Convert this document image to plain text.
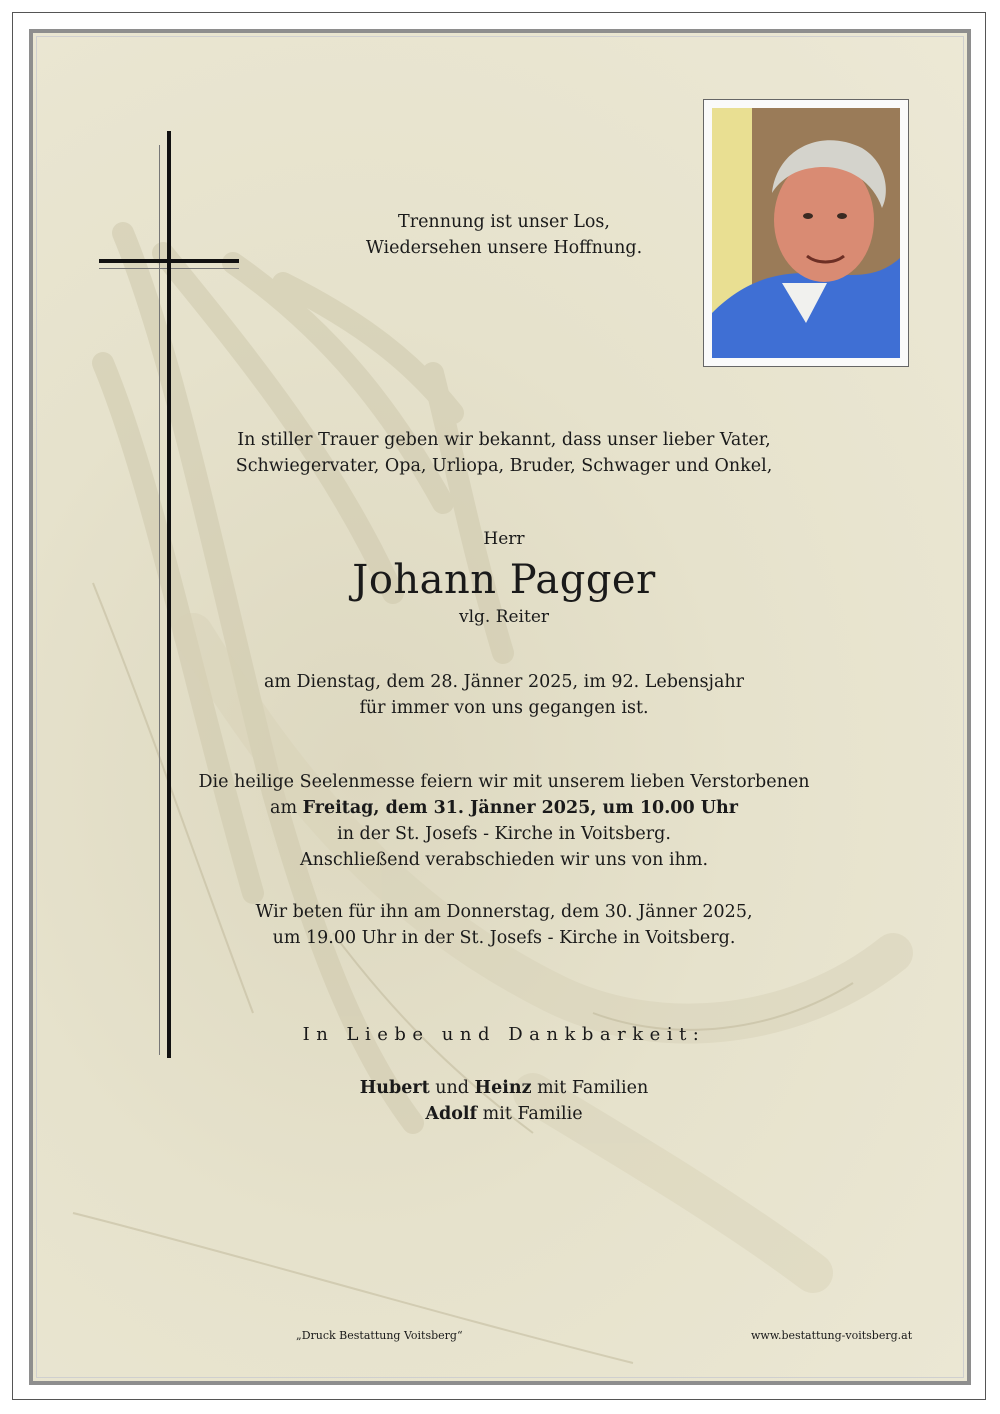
Trennung ist unser Los,
Wiedersehen unsere Hoffnung.
In stiller Trauer geben wir bekannt, dass unser lieber Vater,
Schwiegervater, Opa, Urliopa, Bruder, Schwager und Onkel,
Herr
Johann Pagger
vlg. Reiter
am Dienstag, dem 28. Jänner 2025, im 92. Lebensjahr
für immer von uns gegangen ist.
Die heilige Seelenmesse feiern wir mit unserem lieben Verstorbenen
am Freitag, dem 31. Jänner 2025, um 10.00 Uhr
in der St. Josefs - Kirche in Voitsberg.
Anschließend verabschieden wir uns von ihm.
Wir beten für ihn am Donnerstag, dem 30. Jänner 2025,
um 19.00 Uhr in der St. Josefs - Kirche in Voitsberg.
In Liebe und Dankbarkeit:
Hubert und Heinz mit Familien
Adolf mit Familie
„Druck Bestattung Voitsberg“	www.bestattung-voitsberg.at
